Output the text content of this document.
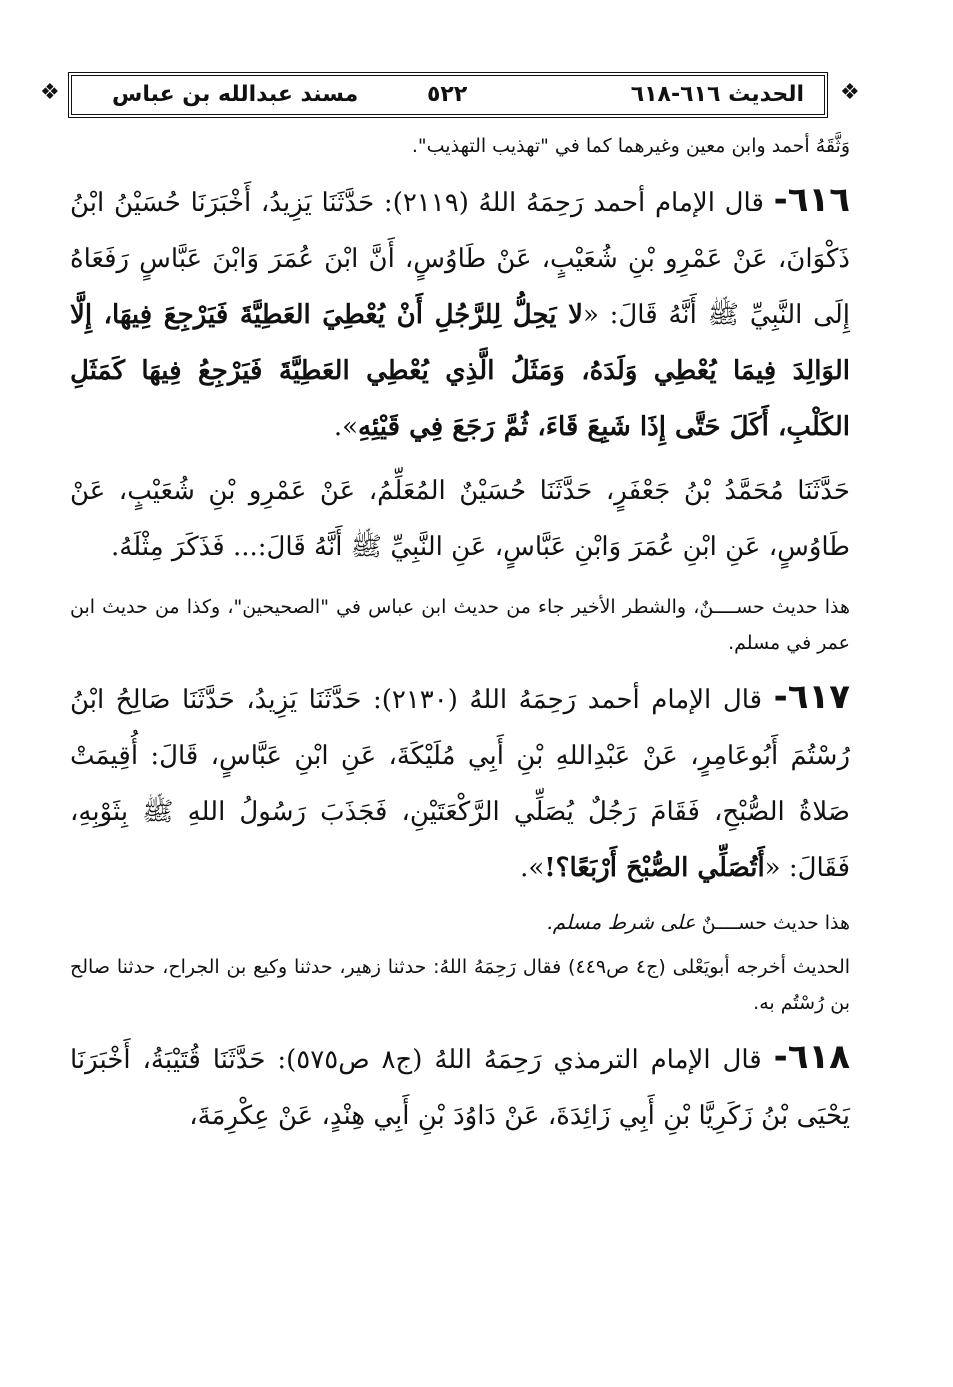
❖	❖
الحديث ٦١٦-٦١٨
٥٢٢
مسند عبدالله بن عباس

وَثَّقَهُ أحمد وابن معين وغيرهما كما في "تهذيب التهذيب".

٦١٦- قال الإمام أحمد رَحِمَهُ اللهُ (٢١١٩): حَدَّثَنَا يَزِيدُ، أَخْبَرَنَا حُسَيْنُ ابْنُ ذَكْوَانَ، عَنْ عَمْرِو بْنِ شُعَيْبٍ، عَنْ طَاوُسٍ، أَنَّ ابْنَ عُمَرَ وَابْنَ عَبَّاسٍ رَفَعَاهُ إِلَى النَّبِيِّ ﷺ أَنَّهُ قَالَ: «لا يَحِلُّ لِلرَّجُلِ أَنْ يُعْطِيَ العَطِيَّةَ فَيَرْجِعَ فِيهَا، إِلَّا الوَالِدَ فِيمَا يُعْطِي وَلَدَهُ، وَمَثَلُ الَّذِي يُعْطِي العَطِيَّةَ فَيَرْجِعُ فِيهَا كَمَثَلِ الكَلْبِ، أَكَلَ حَتَّى إِذَا شَبِعَ قَاءَ، ثُمَّ رَجَعَ فِي قَيْئِهِ».

حَدَّثَنَا مُحَمَّدُ بْنُ جَعْفَرٍ، حَدَّثَنَا حُسَيْنٌ المُعَلِّمُ، عَنْ عَمْرِو بْنِ شُعَيْبٍ، عَنْ طَاوُسٍ، عَنِ ابْنِ عُمَرَ وَابْنِ عَبَّاسٍ، عَنِ النَّبِيِّ ﷺ أَنَّهُ قَالَ:... فَذَكَرَ مِثْلَهُ.

هذا حديث حســــنٌ، والشطر الأخير جاء من حديث ابن عباس في "الصحيحين"، وكذا من حديث ابن عمر في مسلم.

٦١٧- قال الإمام أحمد رَحِمَهُ اللهُ (٢١٣٠): حَدَّثَنَا يَزِيدُ، حَدَّثَنَا صَالِحُ ابْنُ رُسْتُمَ أَبُوعَامِرٍ، عَنْ عَبْدِاللهِ بْنِ أَبِي مُلَيْكَةَ، عَنِ ابْنِ عَبَّاسٍ، قَالَ: أُقِيمَتْ صَلاةُ الصُّبْحِ، فَقَامَ رَجُلٌ يُصَلِّي الرَّكْعَتَيْنِ، فَجَذَبَ رَسُولُ اللهِ ﷺ بِثَوْبِهِ، فَقَالَ: «أَتُصَلِّي الصُّبْحَ أَرْبَعًا؟!».

هذا حديث حســــنٌ على شرط مسلم.

الحديث أخرجه أبويَعْلى (ج٤ ص٤٤٩) فقال رَحِمَهُ اللهُ: حدثنا زهير، حدثنا وكيع بن الجراح، حدثنا صالح بن رُسْتُم به.

٦١٨- قال الإمام الترمذي رَحِمَهُ اللهُ (ج٨ ص٥٧٥): حَدَّثَنَا قُتَيْبَةُ، أَخْبَرَنَا يَحْيَى بْنُ زَكَرِيَّا بْنِ أَبِي زَائِدَةَ، عَنْ دَاوُدَ بْنِ أَبِي هِنْدٍ، عَنْ عِكْرِمَةَ،
